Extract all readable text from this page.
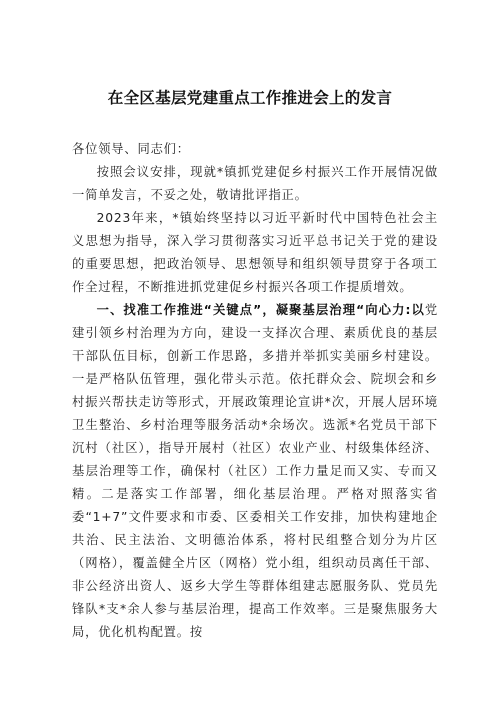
在全区基层党建重点工作推进会上的发言

各位领导、同志们：

按照会议安排，现就*镇抓党建促乡村振兴工作开展情况做一简单发言，不妥之处，敬请批评指正。

2023年来，*镇始终坚持以习近平新时代中国特色社会主义思想为指导，深入学习贯彻落实习近平总书记关于党的建设的重要思想，把政治领导、思想领导和组织领导贯穿于各项工作全过程，不断推进抓党建促乡村振兴各项工作提质增效。

一、找准工作推进“关键点”，凝聚基层治理“向心力:以党建引领乡村治理为方向，建设一支择次合理、素质优良的基层干部队伍目标，创新工作思路，多措并举抓实美丽乡村建设。一是严格队伍管理，强化带头示范。依托群众会、院坝会和乡村振兴帮扶走访等形式，开展政策理论宣讲*次，开展人居环境卫生整治、乡村治理等服务活动*余场次。选派*名党员干部下沉村（社区），指导开展村（社区）农业产业、村级集体经济、基层治理等工作，确保村（社区）工作力量足而又实、专而又精。二是落实工作部署，细化基层治理。严格对照落实省委“1+7”文件要求和市委、区委相关工作安排，加快构建地企共治、民主法治、文明德治体系，将村民组整合划分为片区（网格），覆盖健全片区（网格）党小组，组织动员离任干部、非公经济出资人、返乡大学生等群体组建志愿服务队、党员先锋队*支*余人参与基层治理，提高工作效率。三是聚焦服务大局，优化机构配置。按
